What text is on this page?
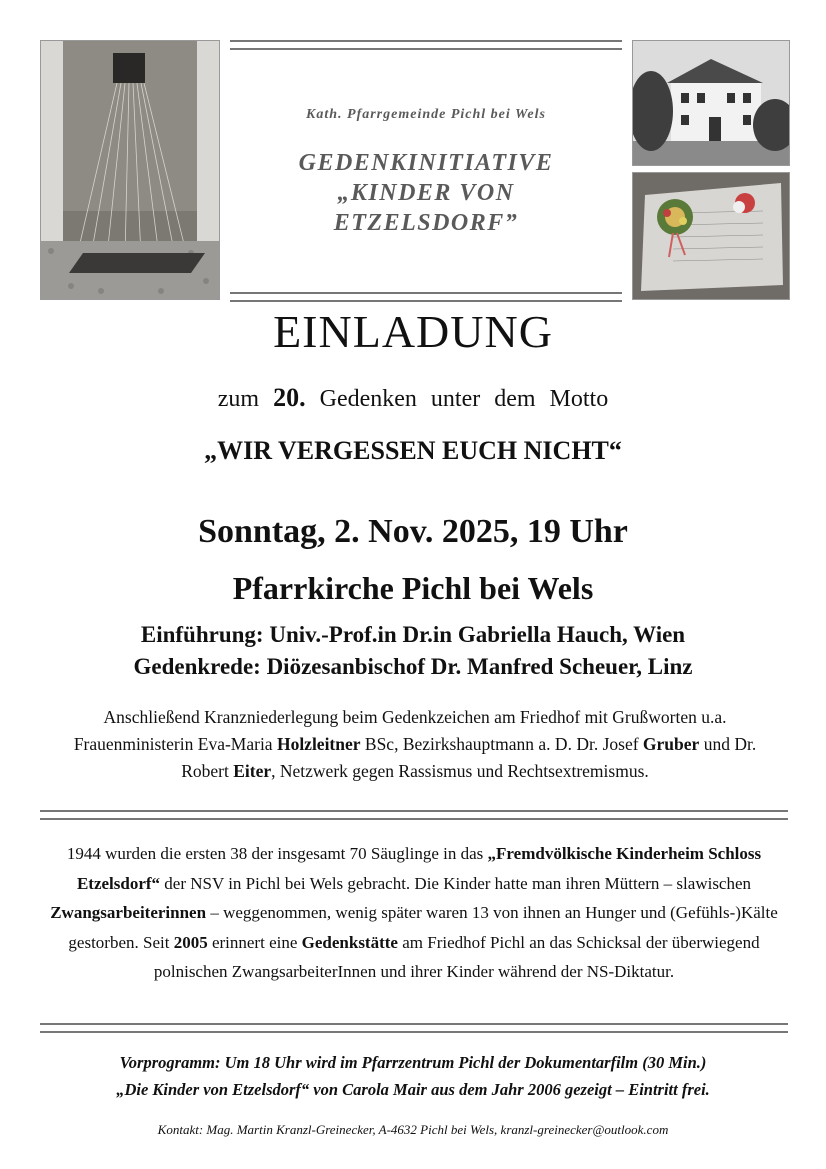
Kath. Pfarrgemeinde Pichl bei Wels
GEDENKINITIATIVE
„KINDER VON
ETZELSDORF”
EINLADUNG
zum 20. Gedenken unter dem Motto
„WIR VERGESSEN EUCH NICHT“
Sonntag, 2. Nov. 2025, 19 Uhr
Pfarrkirche Pichl bei Wels
Einführung: Univ.-Prof.in Dr.in Gabriella Hauch, Wien
Gedenkrede: Diözesanbischof Dr. Manfred Scheuer, Linz
Anschließend Kranzniederlegung beim Gedenkzeichen am Friedhof mit Grußworten u.a. Frauenministerin Eva-Maria Holzleitner BSc, Bezirkshauptmann a. D. Dr. Josef Gruber und Dr. Robert Eiter, Netzwerk gegen Rassismus und Rechtsextremismus.
1944 wurden die ersten 38 der insgesamt 70 Säuglinge in das „Fremdvölkische Kinderheim Schloss Etzelsdorf“ der NSV in Pichl bei Wels gebracht. Die Kinder hatte man ihren Müttern – slawischen Zwangsarbeiterinnen – weggenommen, wenig später waren 13 von ihnen an Hunger und (Gefühls-)Kälte gestorben. Seit 2005 erinnert eine Gedenkstätte am Friedhof Pichl an das Schicksal der überwiegend polnischen ZwangsarbeiterInnen und ihrer Kinder während der NS-Diktatur.
Vorprogramm: Um 18 Uhr wird im Pfarrzentrum Pichl der Dokumentarfilm (30 Min.)
„Die Kinder von Etzelsdorf“ von Carola Mair aus dem Jahr 2006 gezeigt – Eintritt frei.
Kontakt: Mag. Martin Kranzl-Greinecker, A-4632 Pichl bei Wels, kranzl-greinecker@outlook.com
